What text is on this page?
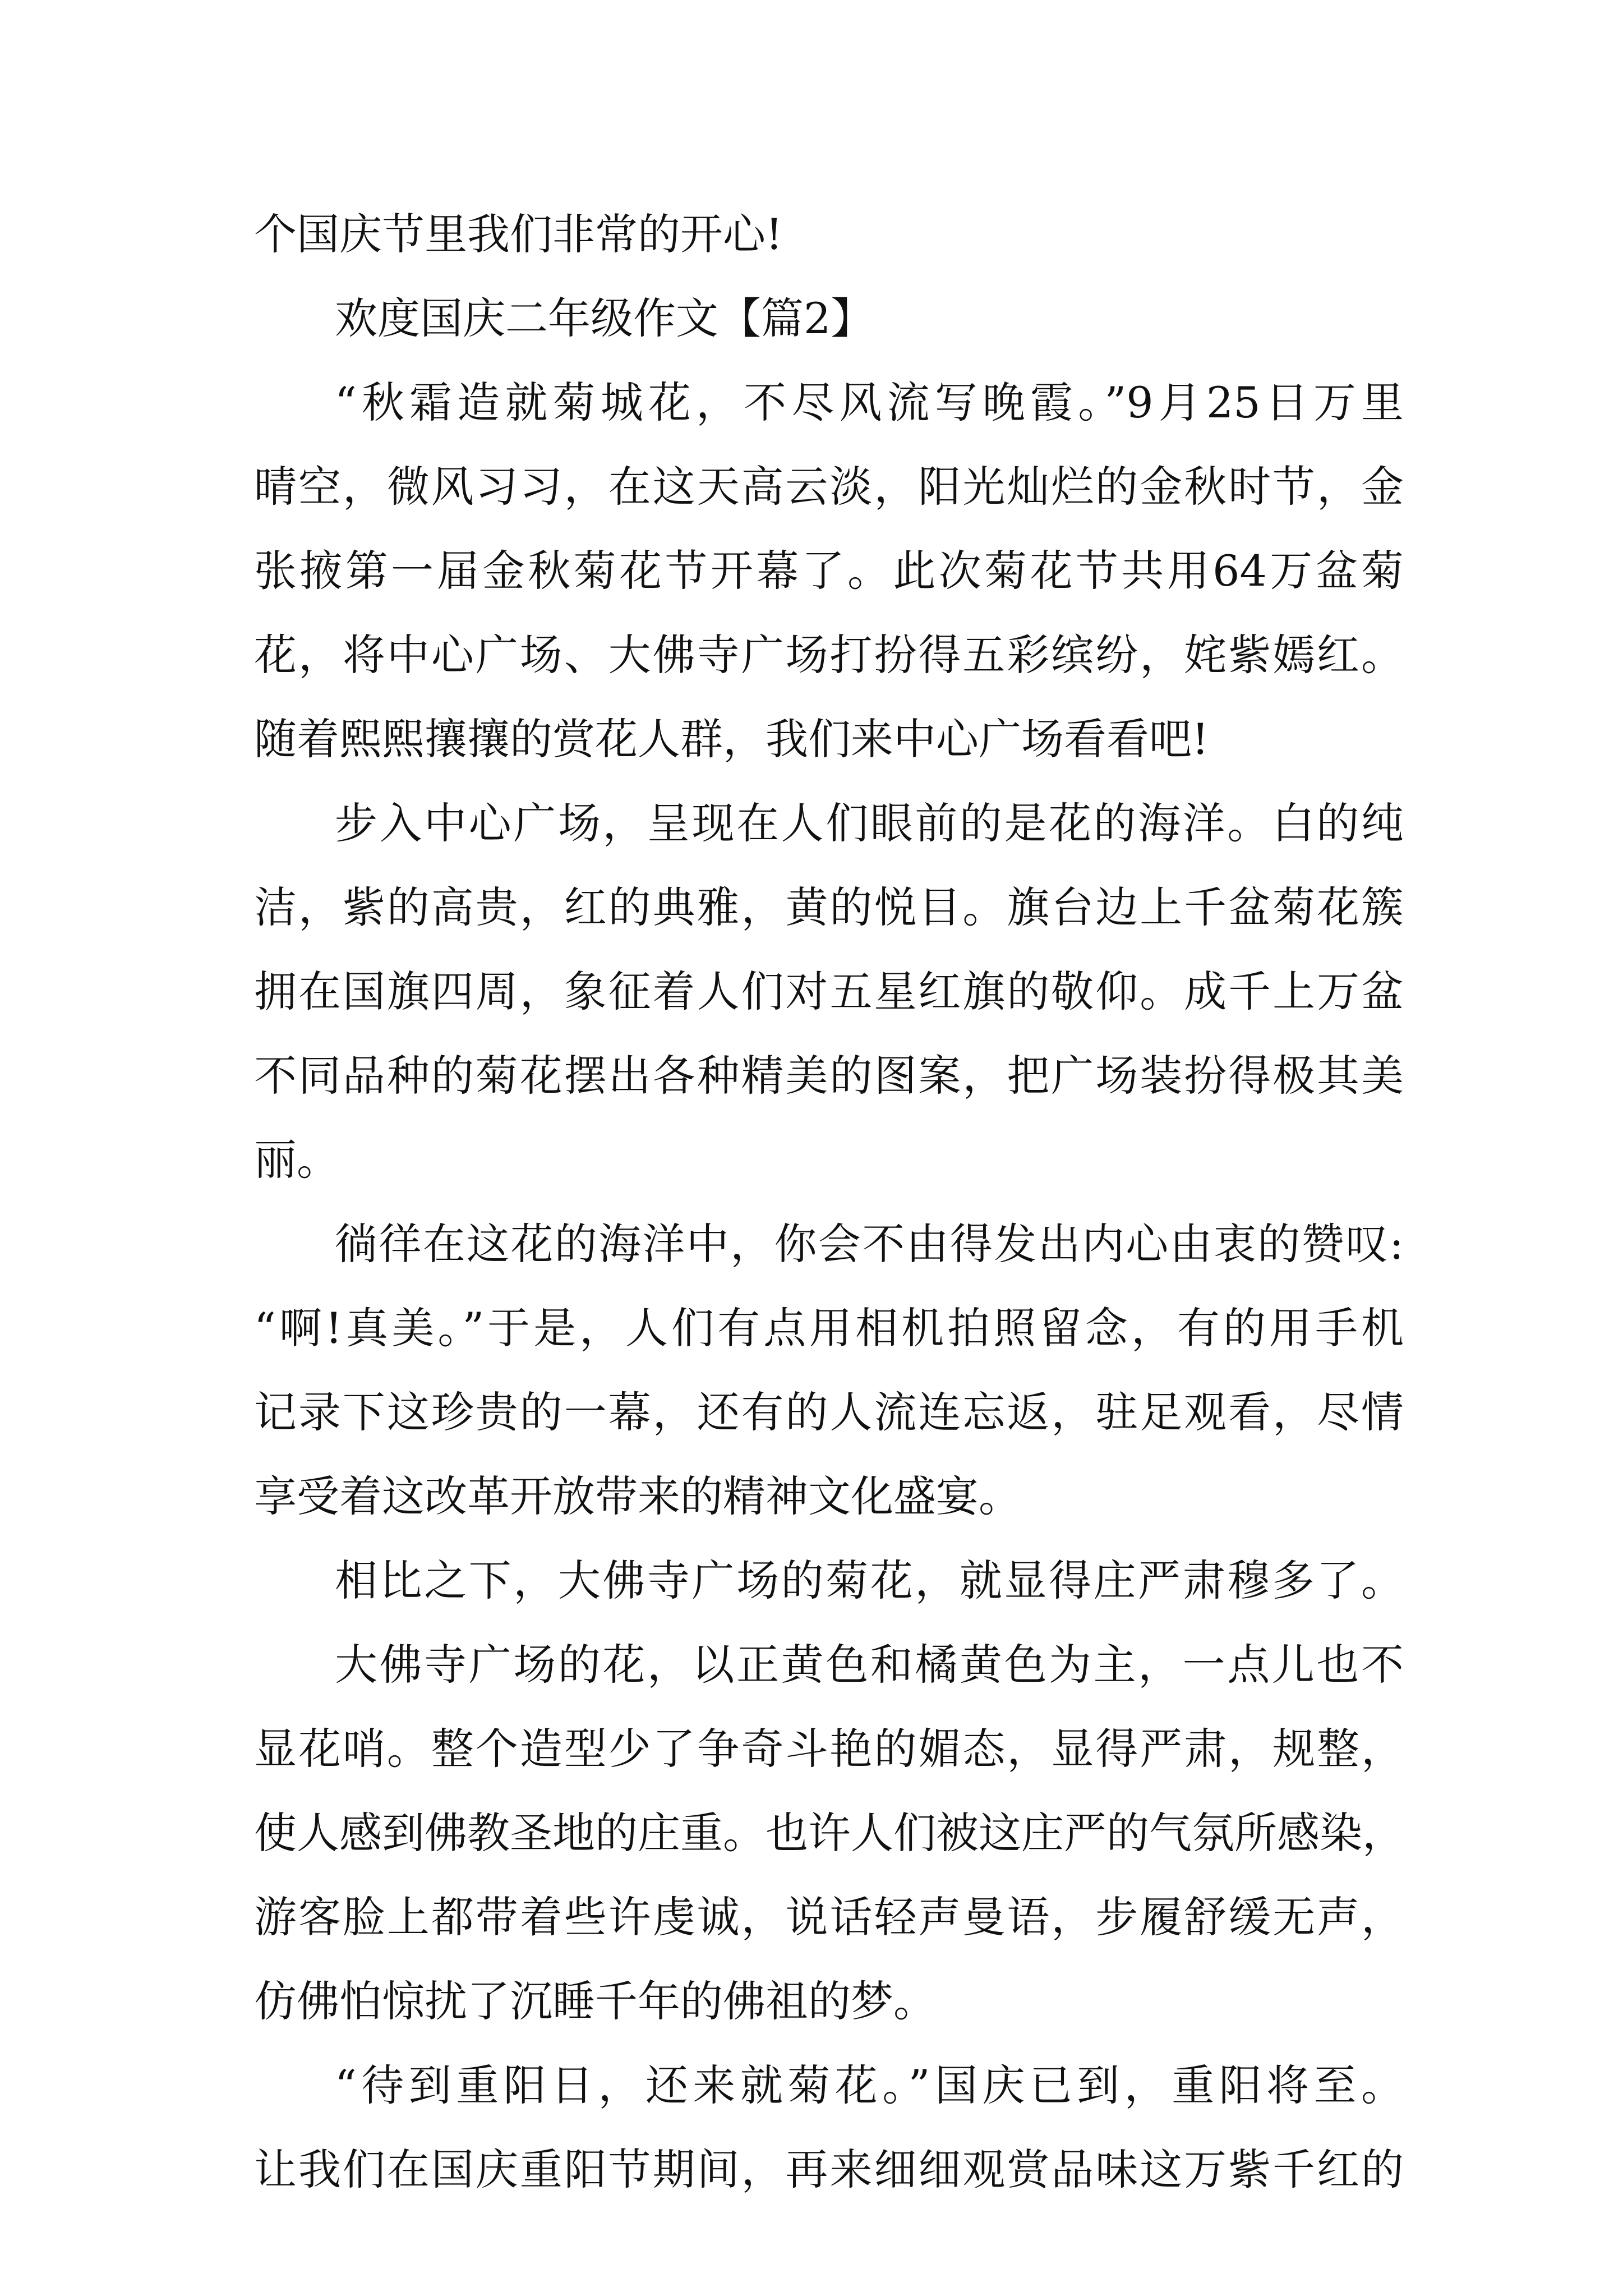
个国庆节里我们非常的开心!
欢度国庆二年级作文【篇2】
“秋霜造就菊城花，不尽风流写晚霞。”9月25日万里
晴空，微风习习，在这天高云淡，阳光灿烂的金秋时节，金
张掖第一届金秋菊花节开幕了。此次菊花节共用64万盆菊
花，将中心广场、大佛寺广场打扮得五彩缤纷，姹紫嫣红。
随着熙熙攘攘的赏花人群，我们来中心广场看看吧!
步入中心广场，呈现在人们眼前的是花的海洋。白的纯
洁，紫的高贵，红的典雅，黄的悦目。旗台边上千盆菊花簇
拥在国旗四周，象征着人们对五星红旗的敬仰。成千上万盆
不同品种的菊花摆出各种精美的图案，把广场装扮得极其美
丽。
徜徉在这花的海洋中，你会不由得发出内心由衷的赞叹:
“啊!真美。”于是，人们有点用相机拍照留念，有的用手机
记录下这珍贵的一幕，还有的人流连忘返，驻足观看，尽情
享受着这改革开放带来的精神文化盛宴。
相比之下，大佛寺广场的菊花，就显得庄严肃穆多了。
大佛寺广场的花，以正黄色和橘黄色为主，一点儿也不
显花哨。整个造型少了争奇斗艳的媚态，显得严肃，规整，
使人感到佛教圣地的庄重。也许人们被这庄严的气氛所感染，
游客脸上都带着些许虔诚，说话轻声曼语，步履舒缓无声，
仿佛怕惊扰了沉睡千年的佛祖的梦。
“待到重阳日，还来就菊花。”国庆已到，重阳将至。
让我们在国庆重阳节期间，再来细细观赏品味这万紫千红的
